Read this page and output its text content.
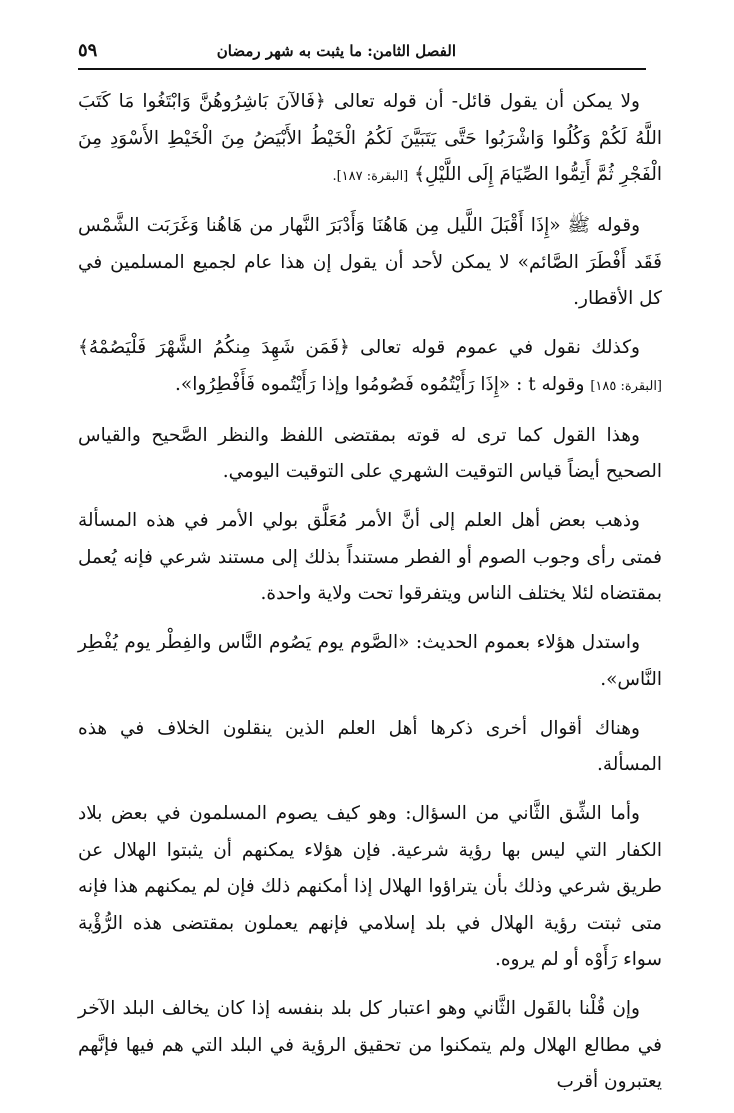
الفصل الثامن: ما يثبت به شهر رمضان
٥٩

ولا يمكن أن يقول قائل- أن قوله تعالى ﴿فَالآنَ بَاشِرُوهُنَّ وَابْتَغُوا مَا كَتَبَ اللَّهُ لَكُمْ وَكُلُوا وَاشْرَبُوا حَتَّى يَتَبَيَّنَ لَكُمُ الْخَيْطُ الأَبْيَضُ مِنَ الْخَيْطِ الأَسْوَدِ مِنَ الْفَجْرِ ثُمَّ أَتِمُّوا الصِّيَامَ إِلَى اللَّيْلِ﴾ [البقرة: ١٨٧].

وقوله ﷺ «إِذَا أَقْبَلَ اللَّيل مِن هَاهُنَا وَأَدْبَرَ النَّهار من هَاهُنا وَغَرَبَت الشَّمْس فَقَد أَفْطَرَ الصَّائم» لا يمكن لأحد أن يقول إن هذا عام لجميع المسلمين في كل الأقطار.

وكذلك نقول في عموم قوله تعالى ﴿فَمَن شَهِدَ مِنكُمُ الشَّهْرَ فَلْيَصُمْهُ﴾ [البقرة: ١٨٥] وقوله t : «إِذَا رَأَيْتُمُوه فَصُومُوا وإذا رَأَيْتُموه فَأَفْطِرُوا».

وهذا القول كما ترى له قوته بمقتضى اللفظ والنظر الصَّحيح والقياس الصحيح أيضاً قياس التوقيت الشهري على التوقيت اليومي.

وذهب بعض أهل العلم إلى أنَّ الأمر مُعَلَّق بولي الأمر في هذه المسألة فمتى رأى وجوب الصوم أو الفطر مستنداً بذلك إلى مستند شرعي فإنه يُعمل بمقتضاه لئلا يختلف الناس ويتفرقوا تحت ولاية واحدة.

واستدل هؤلاء بعموم الحديث: «الصَّوم يوم يَصُوم النَّاس والفِطْر يوم يُفْطِر النَّاس».

وهناك أقوال أخرى ذكرها أهل العلم الذين ينقلون الخلاف في هذه المسألة.

وأما الشِّق الثَّاني من السؤال: وهو كيف يصوم المسلمون في بعض بلاد الكفار التي ليس بها رؤية شرعية. فإن هؤلاء يمكنهم أن يثبتوا الهلال عن طريق شرعي وذلك بأن يتراؤوا الهلال إذا أمكنهم ذلك فإن لم يمكنهم هذا فإنه متى ثبتت رؤية الهلال في بلد إسلامي فإنهم يعملون بمقتضى هذه الرُّؤْية سواء رَأَوْه أو لم يروه.

وإن قُلْنا بالقَول الثَّاني وهو اعتبار كل بلد بنفسه إذا كان يخالف البلد الآخر في مطالع الهلال ولم يتمكنوا من تحقيق الرؤية في البلد التي هم فيها فإنَّهم يعتبرون أقرب
